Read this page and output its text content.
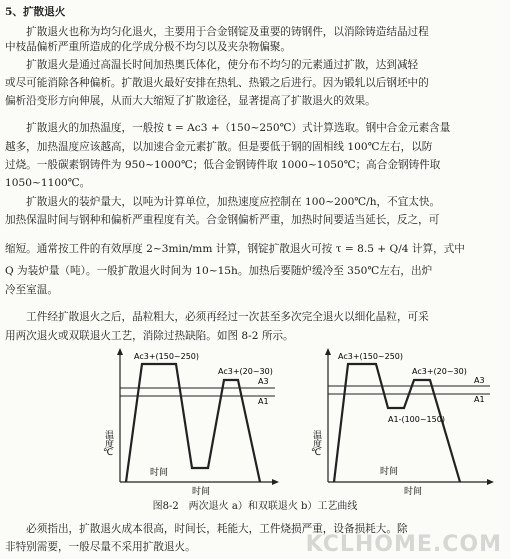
5、扩散退火
　　扩散退火也称为均匀化退火，主要用于合金钢锭及重要的铸钢件，以消除铸造结晶过程
中枝晶偏析严重所造成的化学成分极不均匀以及夹杂物偏聚。
　　扩散退火是通过高温长时间加热奥氏体化，使分布不均匀的元素通过扩散，达到减轻
或尽可能消除各种偏析。扩散退火最好安排在热轧、热锻之后进行。因为锻轧以后钢坯中的
偏析沿变形方向伸展，从而大大缩短了扩散途径，显著提高了扩散退火的效果。
　　扩散退火的加热温度，一般按 t = Ac3 +（150~250℃）式计算选取。钢中合金元素含量
越多，加热温度应该越高，以加速合金元素扩散。但是要低于钢的固相线 100℃左右，以防
过烧。一般碳素钢铸件为 950~1000℃；低合金钢铸件取 1000~1050℃；高合金钢铸件取
1050~1100℃。
　　扩散退火的装炉量大，以吨为计算单位，加热速度应控制在 100~200℃/h，不宜太快。
加热保温时间与钢种和偏析严重程度有关。合金钢偏析严重，加热时间要适当延长，反之，可
缩短。通常按工件的有效厚度 2~3min/mm 计算，钢锭扩散退火可按 τ = 8.5 + Q/4 计算，式中
Q 为装炉量（吨）。一般扩散退火时间为 10~15h。加热后要随炉缓冷至 350℃左右，出炉
冷至室温。
　　工件经扩散退火之后，晶粒粗大，必须再经过一次甚至多次完全退火以细化晶粒，可采
用两次退火或双联退火工艺，消除过热缺陷。如图 8-2 所示。
Ac3+(150~250)
Ac3+(20~30)
A3
A1
温度℃
时间
时间
Ac3+(150~250)
Ac3+(20~30)
A1-(100~150)
A3
A1
温度℃
时间
时间
图8-2　两次退火 a）和双联退火 b）工艺曲线
　　必须指出，扩散退火成本很高，时间长，耗能大，工件烧损严重，设备损耗大。除
非特别需要，一般尽量不采用扩散退火。	KCLHOME.COM
